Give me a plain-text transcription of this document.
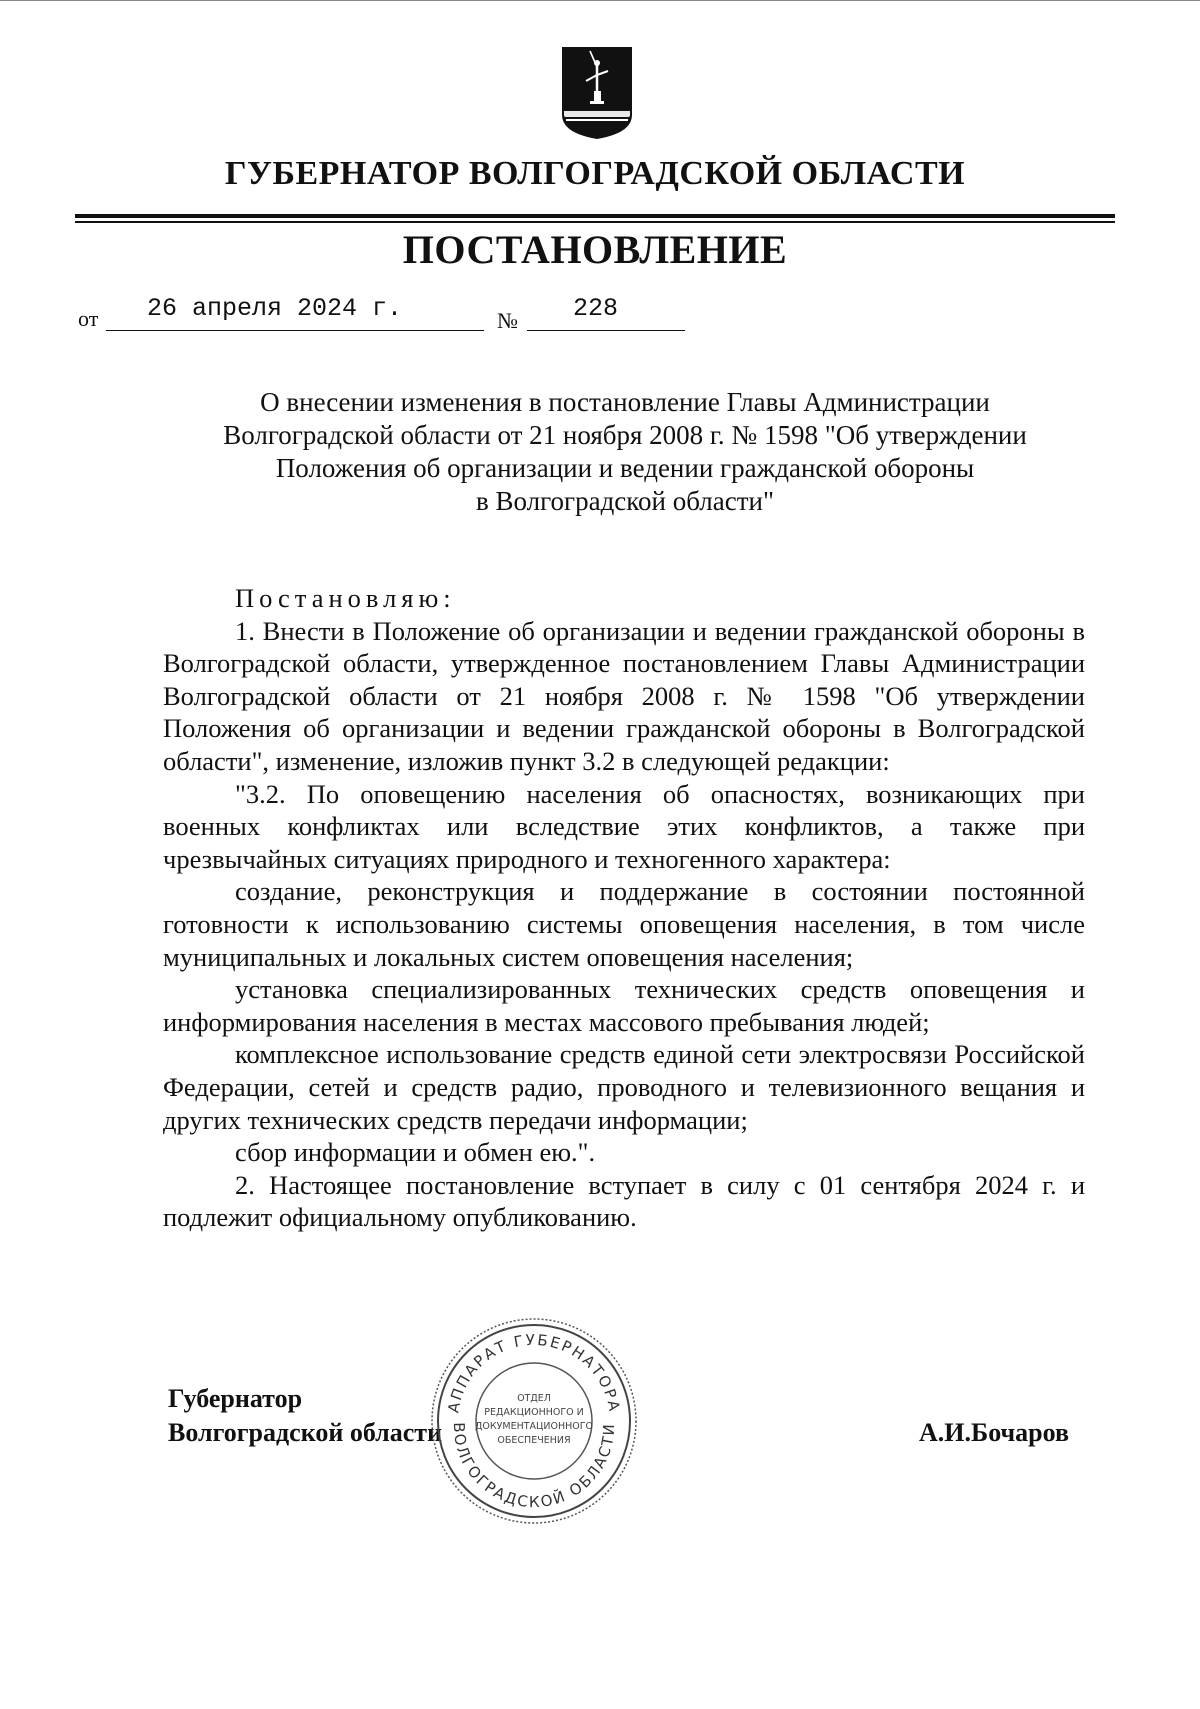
ГУБЕРНАТОР ВОЛГОГРАДСКОЙ ОБЛАСТИ
ПОСТАНОВЛЕНИЕ
от 26 апреля 2024 г.	№ 228
О внесении изменения в постановление Главы Администрации
Волгоградской области от 21 ноября 2008 г. № 1598 "Об утверждении
Положения об организации и ведении гражданской обороны
в Волгоградской области"

Постановляю:

1. Внести в Положение об организации и ведении гражданской обороны в Волгоградской области, утвержденное постановлением Главы Администрации Волгоградской области от 21 ноября 2008 г. № 1598 "Об утверждении Положения об организации и ведении гражданской обороны в Волгоградской области", изменение, изложив пункт 3.2 в следующей редакции:

"3.2. По оповещению населения об опасностях, возникающих при военных конфликтах или вследствие этих конфликтов, а также при чрезвычайных ситуациях природного и техногенного характера:

создание, реконструкция и поддержание в состоянии постоянной готовности к использованию системы оповещения населения, в том числе муниципальных и локальных систем оповещения населения;

установка специализированных технических средств оповещения и информирования населения в местах массового пребывания людей;

комплексное использование средств единой сети электросвязи Российской Федерации, сетей и средств радио, проводного и телевизионного вещания и других технических средств передачи информации;

сбор информации и обмен ею.".

2. Настоящее постановление вступает в силу с 01 сентября 2024 г. и подлежит официальному опубликованию.

Губернатор
Волгоградской области	А.И.Бочаров
АППАРАТ ГУБЕРНАТОРА
ВОЛГОГРАДСКОЙ ОБЛАСТИ
ОТДЕЛ
РЕДАКЦИОННОГО И
ДОКУМЕНТАЦИОННОГО
ОБЕСПЕЧЕНИЯ
